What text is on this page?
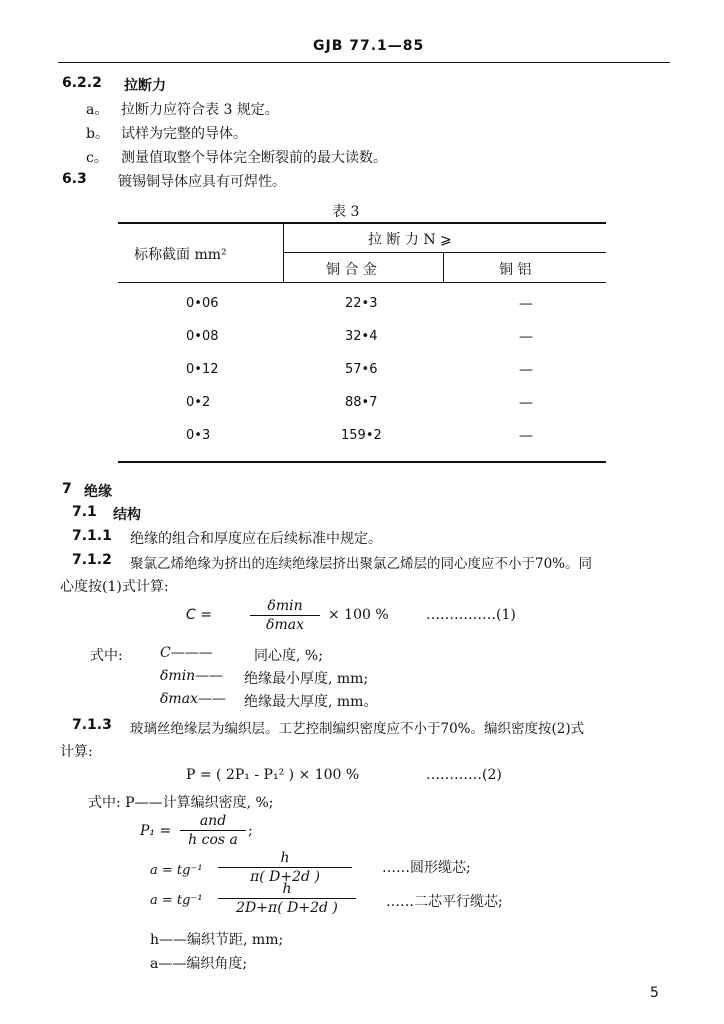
GJB 77.1—85
6.2.2 拉断力
a。 拉断力应符合表 3 规定。
b。 试样为完整的导体。
c。 测量值取整个导体完全断裂前的最大读数。
6.3 镀锡铜导体应具有可焊性。
表 3
标称截面 mm²
拉 断 力 N ⩾
铜 合 金	铜 铝
0•06	22•3	—
0•08	32•4	—
0•12	57•6	—
0•2	88•7	—
0•3	159•2	—
7 绝缘
7.1 结构
7.1.1 绝缘的组合和厚度应在后续标准中规定。
7.1.2 聚氯乙烯绝缘为挤出的连续绝缘层挤出聚氯乙烯层的同心度应不小于70%。同
心度按(1)式计算:
C =
δmin
δmax
× 100 %	……………(1)
式中:	C———	同心度, %;
δmin—— 绝缘最小厚度, mm;
δmax—— 绝缘最大厚度, mm。
7.1.3 玻璃丝绝缘层为编织层。工艺控制编织密度应不小于70%。编织密度按(2)式
计算:
P = ( 2P₁ - P₁² ) × 100 %	…………(2)
式中: P——计算编织密度, %;
P₁ =
and
h cos a
;
a = tg⁻¹
h
π( D+2d )
……圆形缆芯;
a = tg⁻¹
h
2D+π( D+2d )	……二芯平行缆芯;
h——编织节距, mm;
a——编织角度;
5
